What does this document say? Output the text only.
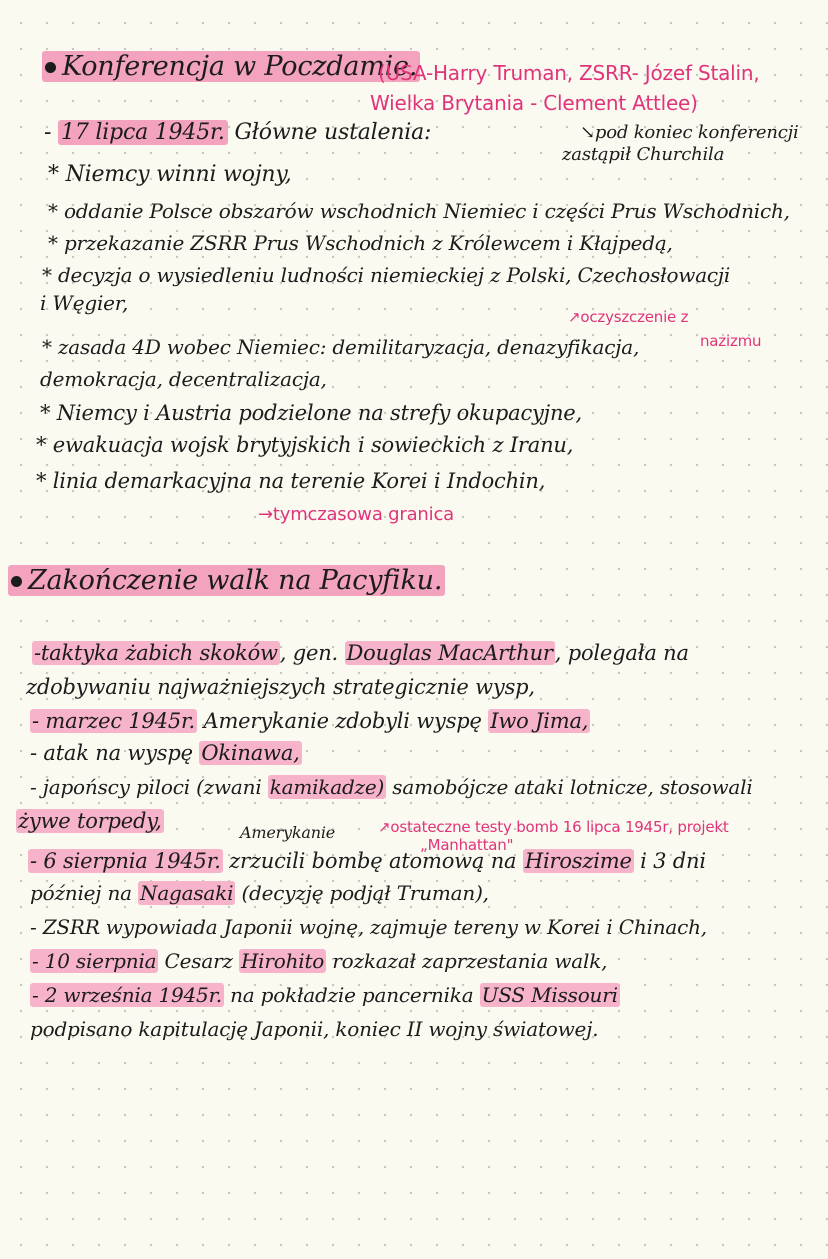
Konferencja w Poczdamie.
(USA-Harry Truman, ZSRR- Józef Stalin,
Wielka Brytania - Clement Attlee)
- 17 lipca 1945r. Główne ustalenia:	↘pod koniec konferencji
zastąpił Churchila
* Niemcy winni wojny,
* oddanie Polsce obszarów wschodnich Niemiec i części Prus Wschodnich,
* przekazanie ZSRR Prus Wschodnich z Królewcem i Kłajpedą,
* decyzja o wysiedleniu ludności niemieckiej z Polski, Czechosłowacji
i Węgier,
↗oczyszczenie z
nazizmu
* zasada 4D wobec Niemiec: demilitaryzacja, denazyfikacja,
demokracja, decentralizacja,
* Niemcy i Austria podzielone na strefy okupacyjne,
* ewakuacja wojsk brytyjskich i sowieckich z Iranu,
* linia demarkacyjna na terenie Korei i Indochin,
→tymczasowa granica
Zakończenie walk na Pacyfiku.
-taktyka żabich skoków, gen. Douglas MacArthur, polegała na
zdobywaniu najważniejszych strategicznie wysp,
- marzec 1945r. Amerykanie zdobyli wyspę Iwo Jima,
- atak na wyspę Okinawa,
- japońscy piloci (zwani kamikadze) samobójcze ataki lotnicze, stosowali
żywe torpedy,	Amerykanie	↗ostateczne testy bomb 16 lipca 1945r, projekt
„Manhattan"
- 6 sierpnia 1945r. zrzucili bombę atomową na Hiroszime i 3 dni
później na Nagasaki (decyzję podjął Truman),
- ZSRR wypowiada Japonii wojnę, zajmuje tereny w Korei i Chinach,
- 10 sierpnia Cesarz Hirohito rozkazał zaprzestania walk,
- 2 września 1945r. na pokładzie pancernika USS Missouri
podpisano kapitulację Japonii, koniec II wojny światowej.
